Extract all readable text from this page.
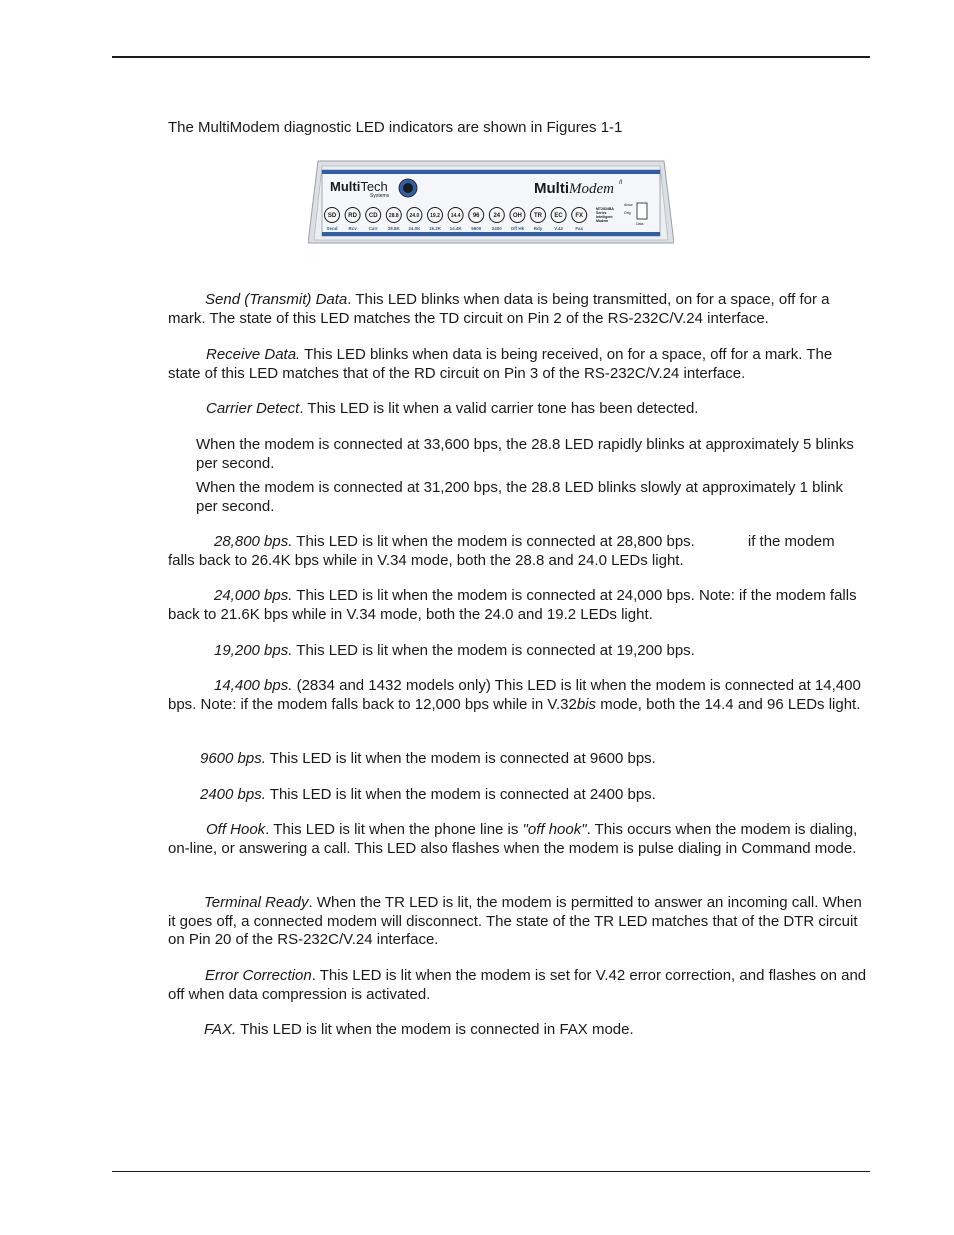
The MultiModem diagnostic LED indicators are shown in Figures 1-1

MultiTech
Systems	MultiModem II
SD
Send
RD
Rcv
CD
Carr
28.8
28.8K
24.0
24.0K
19.2
19.2K
14.4
14.4K
96
9600
24
2400
OH
Off Hk
TR
Rdy
EC
V.42
FX
Fax
MT2834BA
Series
Intelligent
Modem
Answ
Orig
Data

Send (Transmit) Data. This LED blinks when data is being transmitted, on for a space, off for a mark. The state of this LED matches the TD circuit on Pin 2 of the RS-232C/V.24 interface.

Receive Data. This LED blinks when data is being received, on for a space, off for a mark. The state of this LED matches that of the RD circuit on Pin 3 of the RS-232C/V.24 interface.

Carrier Detect. This LED is lit when a valid carrier tone has been detected.

When the modem is connected at 33,600 bps, the 28.8 LED rapidly blinks at approximately 5 blinks per second.

When the modem is connected at 31,200 bps, the 28.8 LED blinks slowly at approximately 1 blink per second.

28,800 bps. This LED is lit when the modem is connected at 28,800 bps.	if the modem
falls back to 26.4K bps while in V.34 mode, both the 28.8 and 24.0 LEDs light.

24,000 bps. This LED is lit when the modem is connected at 24,000 bps. Note: if the modem falls back to 21.6K bps while in V.34 mode, both the 24.0 and 19.2 LEDs light.

19,200 bps. This LED is lit when the modem is connected at 19,200 bps.

14,400 bps. (2834 and 1432 models only) This LED is lit when the modem is connected at 14,400 bps. Note: if the modem falls back to 12,000 bps while in V.32bis mode, both the 14.4 and 96 LEDs light.

9600 bps. This LED is lit when the modem is connected at 9600 bps.

2400 bps. This LED is lit when the modem is connected at 2400 bps.

Off Hook. This LED is lit when the phone line is "off hook". This occurs when the modem is dialing, on-line, or answering a call. This LED also flashes when the modem is pulse dialing in Command mode.

Terminal Ready. When the TR LED is lit, the modem is permitted to answer an incoming call. When it goes off, a connected modem will disconnect. The state of the TR LED matches that of the DTR circuit on Pin 20 of the RS-232C/V.24 interface.

Error Correction. This LED is lit when the modem is set for V.42 error correction, and flashes on and off when data compression is activated.

FAX. This LED is lit when the modem is connected in FAX mode.
